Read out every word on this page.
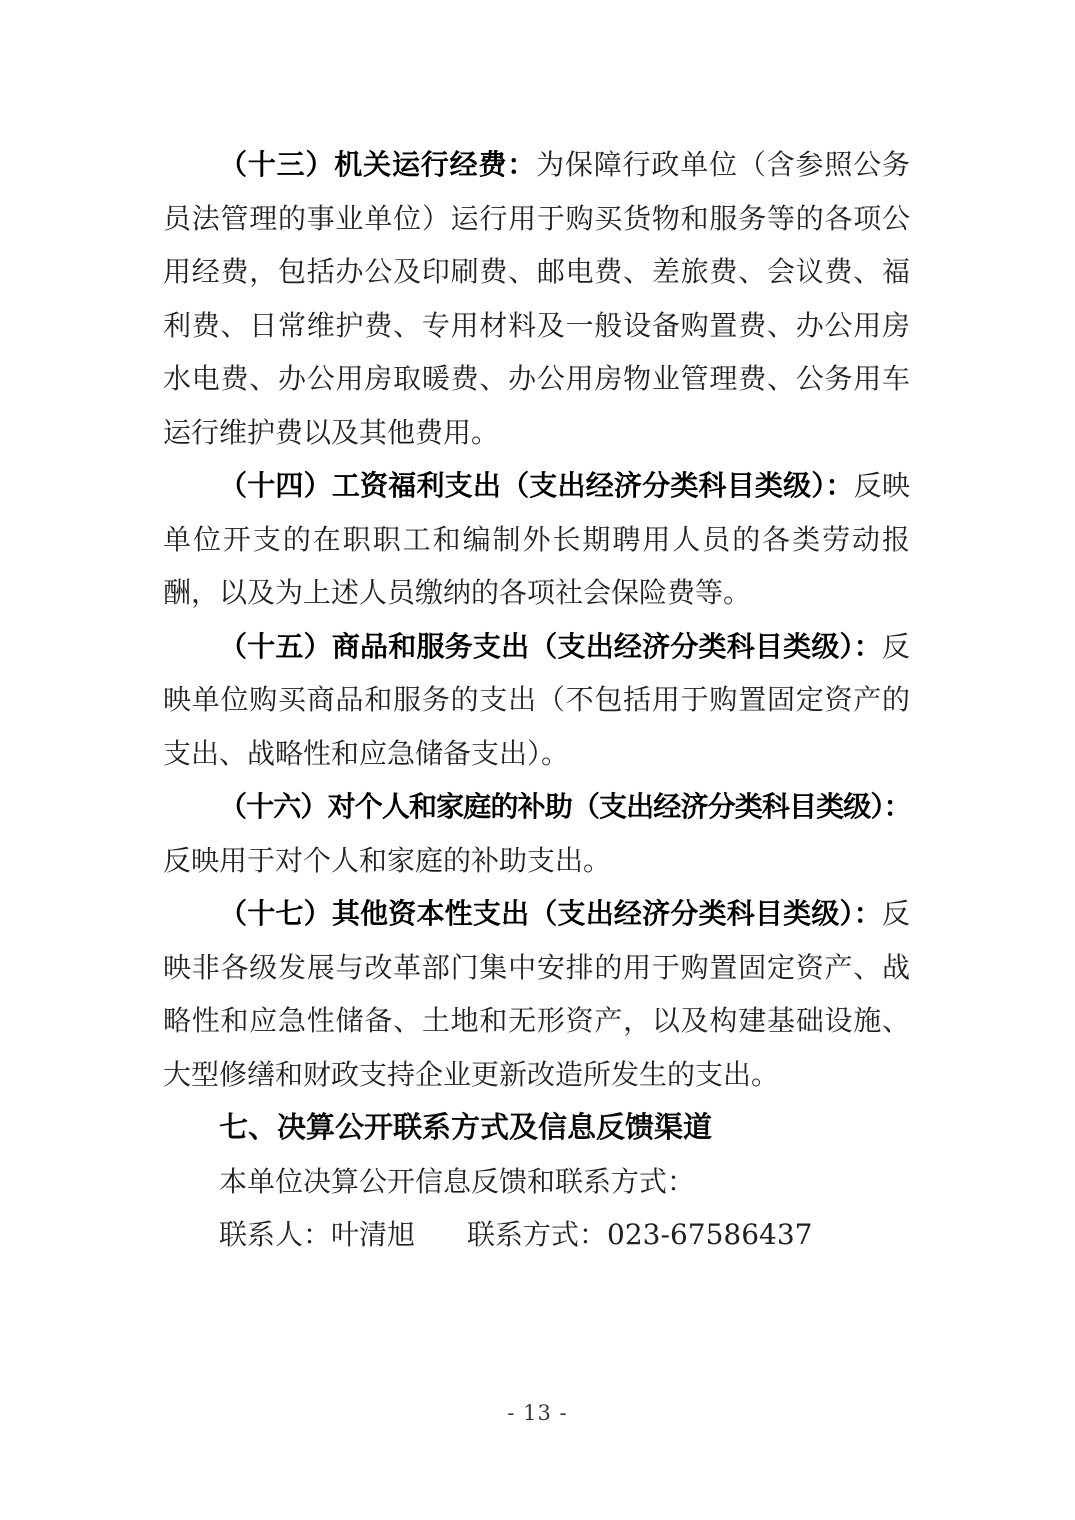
（十三）机关运行经费：为保障行政单位（含参照公务员法管理的事业单位）运行用于购买货物和服务等的各项公用经费，包括办公及印刷费、邮电费、差旅费、会议费、福利费、日常维护费、专用材料及一般设备购置费、办公用房水电费、办公用房取暖费、办公用房物业管理费、公务用车运行维护费以及其他费用。

（十四）工资福利支出（支出经济分类科目类级）：反映单位开支的在职职工和编制外长期聘用人员的各类劳动报酬，以及为上述人员缴纳的各项社会保险费等。

（十五）商品和服务支出（支出经济分类科目类级）：反映单位购买商品和服务的支出（不包括用于购置固定资产的支出、战略性和应急储备支出）。

（十六）对个人和家庭的补助（支出经济分类科目类级）：反映用于对个人和家庭的补助支出。

（十七）其他资本性支出（支出经济分类科目类级）：反映非各级发展与改革部门集中安排的用于购置固定资产、战略性和应急性储备、土地和无形资产，以及构建基础设施、大型修缮和财政支持企业更新改造所发生的支出。

七、决算公开联系方式及信息反馈渠道

本单位决算公开信息反馈和联系方式：

联系人：叶清旭 联系方式：023-67586437

- 13 -
